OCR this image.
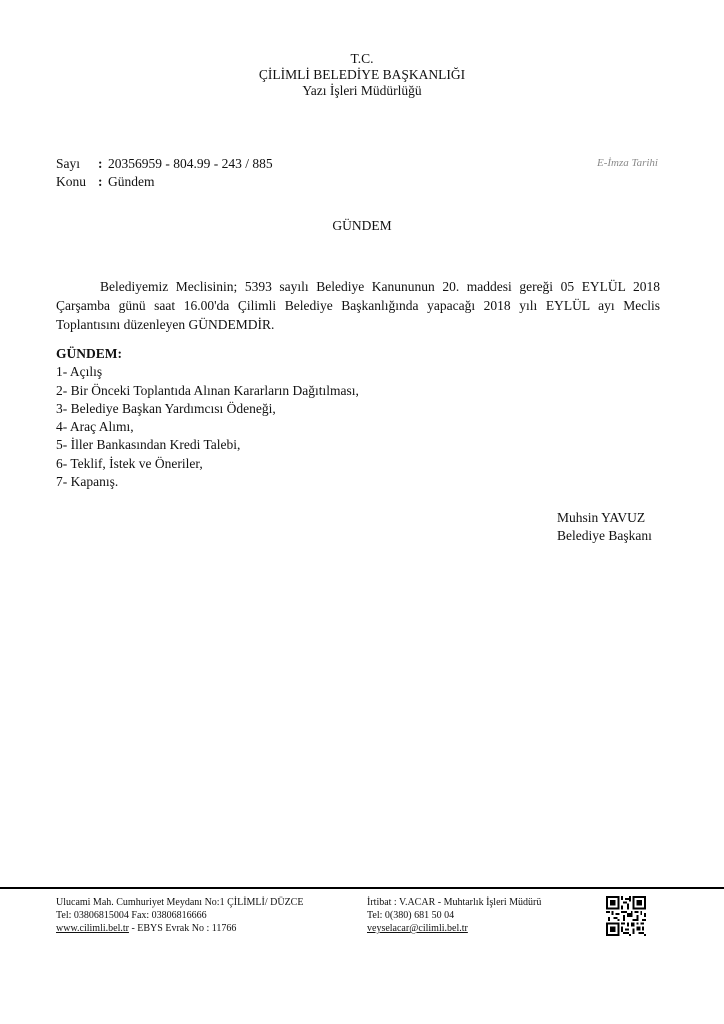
T.C.
ÇİLİMLİ BELEDİYE BAŞKANLIĞI
Yazı İşleri Müdürlüğü
Sayı	: 20356959 - 804.99 - 243 / 885
Konu : Gündem
E-İmza Tarihi
GÜNDEM
Belediyemiz Meclisinin; 5393 sayılı Belediye Kanununun 20. maddesi gereği 05 EYLÜL 2018 Çarşamba günü saat 16.00'da Çilimli Belediye Başkanlığında yapacağı 2018 yılı EYLÜL ayı Meclis Toplantısını düzenleyen GÜNDEMDİR.
GÜNDEM:
1- Açılış
2- Bir Önceki Toplantıda Alınan Kararların Dağıtılması,
3- Belediye Başkan Yardımcısı Ödeneği,
4- Araç Alımı,
5- İller Bankasından Kredi Talebi,
6- Teklif, İstek ve Öneriler,
7- Kapanış.
Muhsin YAVUZ
Belediye Başkanı
Ulucami Mah. Cumhuriyet Meydanı No:1 ÇİLİMLİ/ DÜZCE
Tel: 03806815004 Fax: 03806816666
www.cilimli.bel.tr - EBYS Evrak No : 11766
İrtibat : V.ACAR - Muhtarlık İşleri Müdürü
Tel: 0(380) 681 50 04
veyselacar@cilimli.bel.tr
